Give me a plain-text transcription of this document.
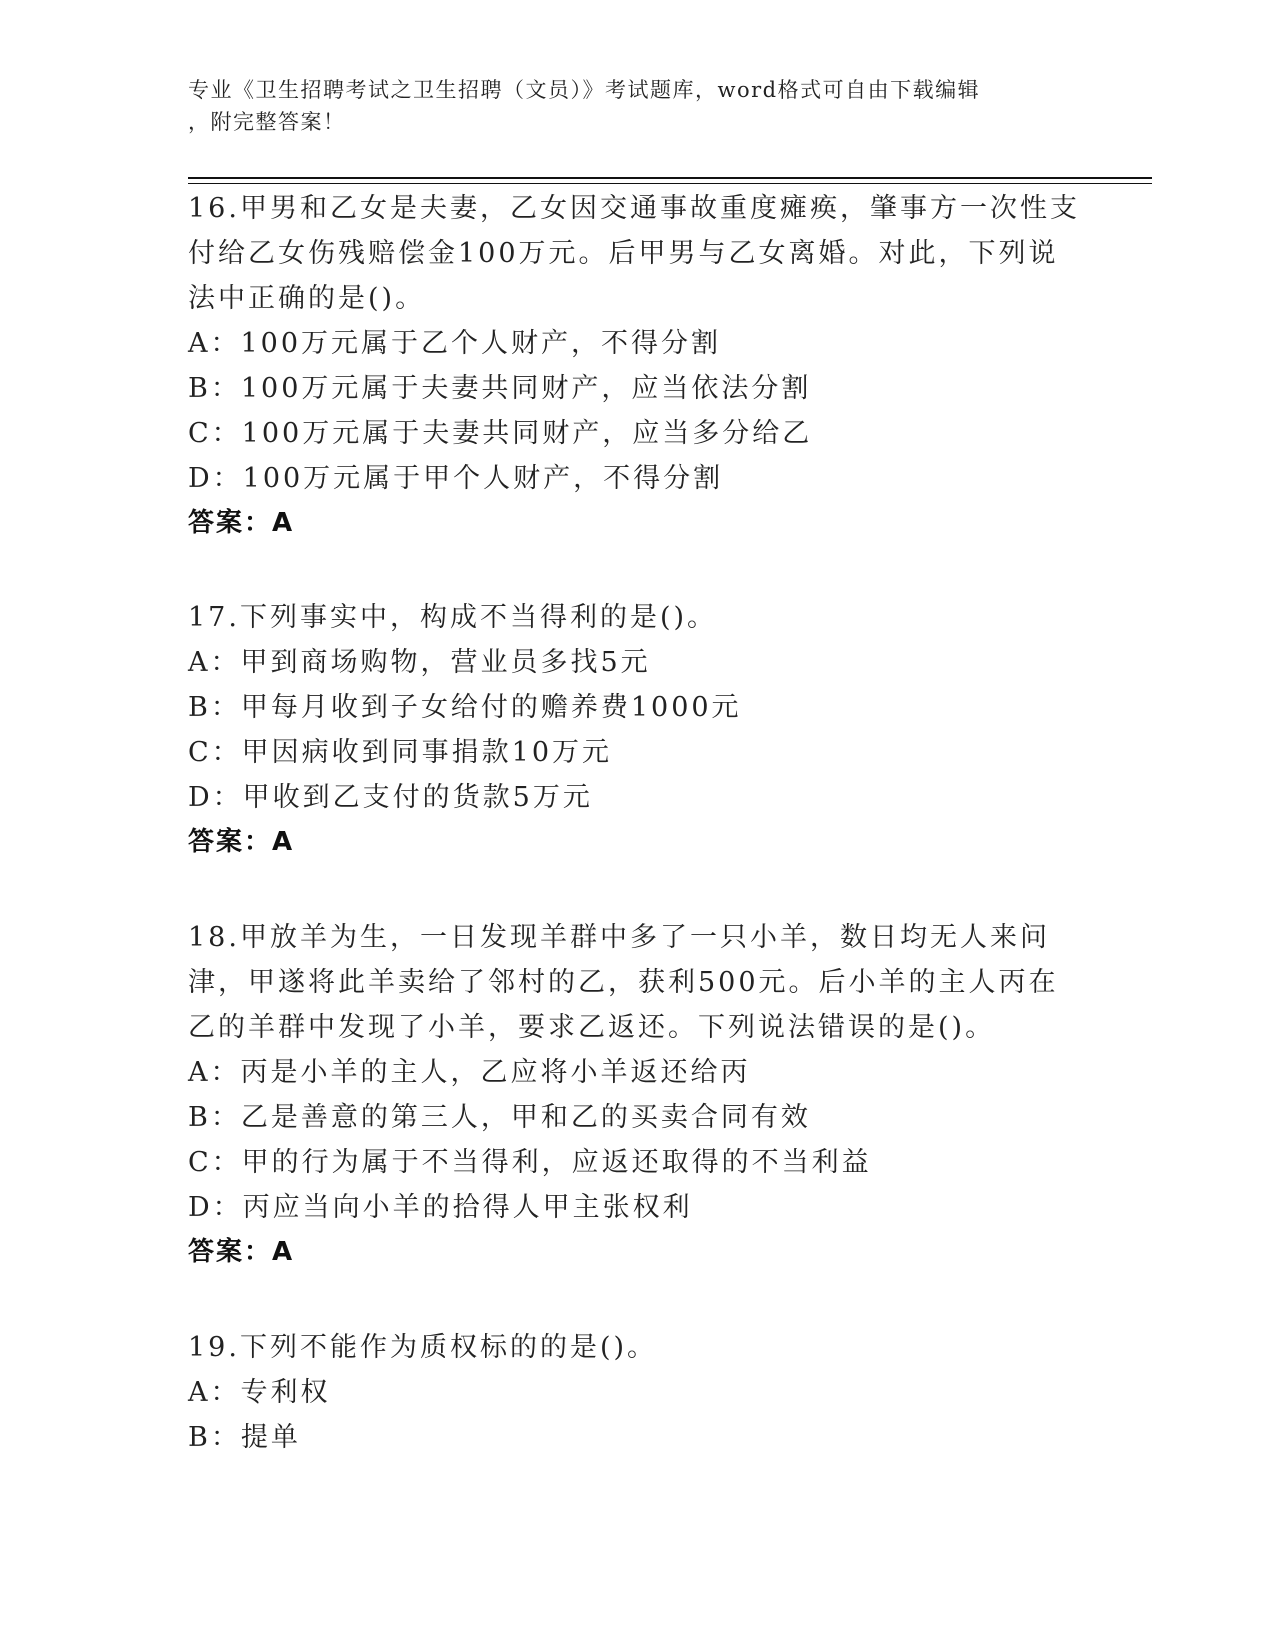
专业《卫生招聘考试之卫生招聘（文员）》考试题库，word格式可自由下载编辑
，附完整答案！
16.甲男和乙女是夫妻，乙女因交通事故重度瘫痪，肇事方一次性支付给乙女伤残赔偿金100万元。后甲男与乙女离婚。对此，下列说法中正确的是()。
A：100万元属于乙个人财产，不得分割
B：100万元属于夫妻共同财产，应当依法分割
C：100万元属于夫妻共同财产，应当多分给乙
D：100万元属于甲个人财产，不得分割
答案：A
17.下列事实中，构成不当得利的是()。
A：甲到商场购物，营业员多找5元
B：甲每月收到子女给付的赡养费1000元
C：甲因病收到同事捐款10万元
D：甲收到乙支付的货款5万元
答案：A
18.甲放羊为生，一日发现羊群中多了一只小羊，数日均无人来问津，甲遂将此羊卖给了邻村的乙，获利500元。后小羊的主人丙在乙的羊群中发现了小羊，要求乙返还。下列说法错误的是()。
A：丙是小羊的主人，乙应将小羊返还给丙
B：乙是善意的第三人，甲和乙的买卖合同有效
C：甲的行为属于不当得利，应返还取得的不当利益
D：丙应当向小羊的拾得人甲主张权利
答案：A
19.下列不能作为质权标的的是()。
A：专利权
B：提单
